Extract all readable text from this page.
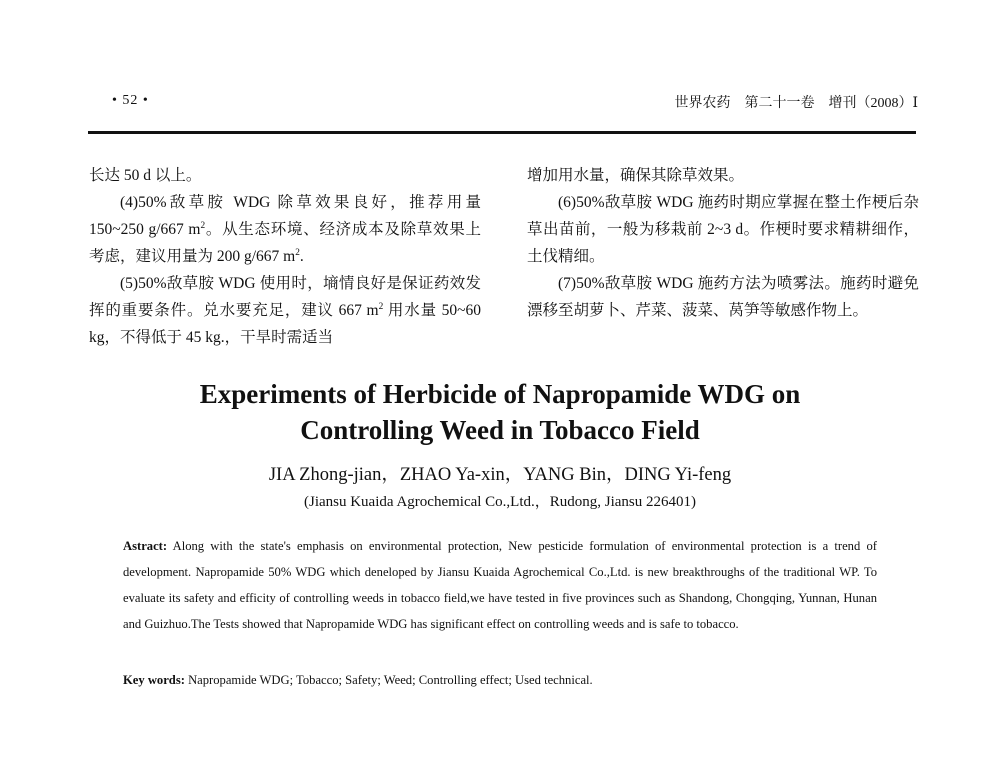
• 52 •	世界农药　第二十一卷　增刊（2008）Ⅰ

长达 50 d 以上。

(4)50%敌草胺 WDG 除草效果良好，推荐用量 150~250 g/667 $m^2$。从生态环境、经济成本及除草效果上考虑，建议用量为 200 g/667 $m^2$.

(5)50%敌草胺 WDG 使用时，墒情良好是保证药效发挥的重要条件。兑水要充足，建议 667 $m^2$ 用水量 50~60 kg，不得低于 45 kg.，干旱时需适当

增加用水量，确保其除草效果。

(6)50%敌草胺 WDG 施药时期应掌握在整土作梗后杂草出苗前，一般为移栽前 2~3 d。作梗时要求精耕细作，土伐精细。

(7)50%敌草胺 WDG 施药方法为喷雾法。施药时避免漂移至胡萝卜、芹菜、菠菜、莴笋等敏感作物上。

Experiments of Herbicide of Napropamide WDG on
Controlling Weed in Tobacco Field
JIA Zhong-jian，ZHAO Ya-xin，YANG Bin，DING Yi-feng
(Jiansu Kuaida Agrochemical Co.,Ltd.，Rudong, Jiansu 226401)
Astract: Along with the state's emphasis on environmental protection, New pesticide formulation of environmental protection is a trend of development. Napropamide 50% WDG which deneloped by Jiansu Kuaida Agrochemical Co.,Ltd. is new breakthroughs of the traditional WP. To evaluate its safety and efficity of controlling weeds in tobacco field,we have tested in five provinces such as Shandong, Chongqing, Yunnan, Hunan and Guizhuo.The Tests showed that Napropamide WDG has significant effect on controlling weeds and is safe to tobacco.
Key words: Napropamide WDG; Tobacco; Safety; Weed; Controlling effect; Used technical.
